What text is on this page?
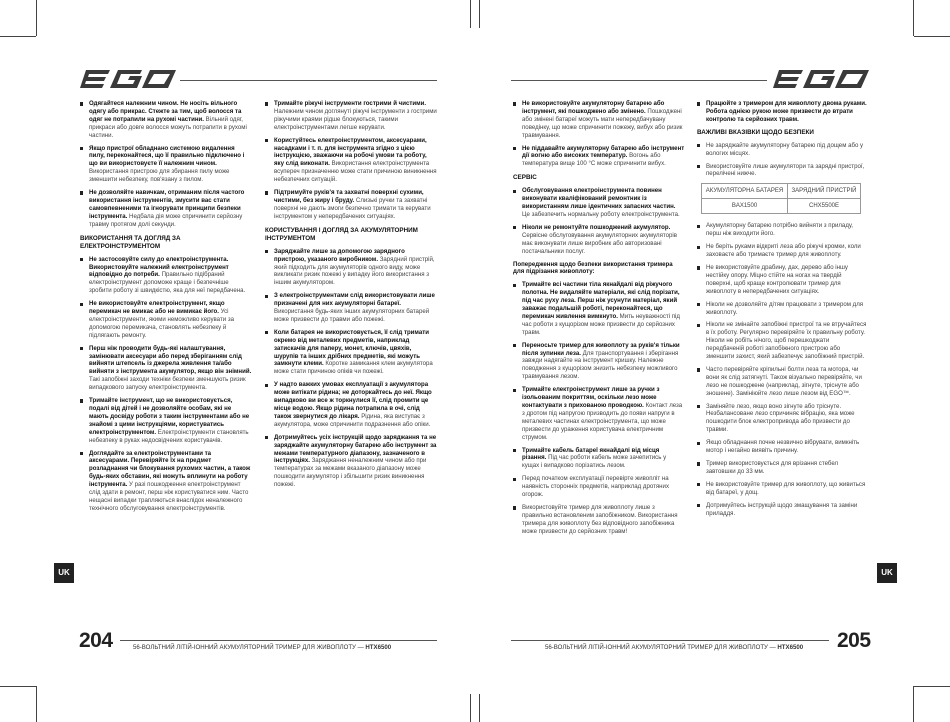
Одягайтеся належним чином. Не носіть вільного одягу або прикрас. Стежте за тим, щоб волосся та одяг не потрапили на рухомі частини. Вільний одяг, прикраси або довге волосся можуть потрапити в рухомі частини.
Якщо пристрої обладнано системою видалення пилу, переконайтеся, що її правильно підключено і що ви використовуєте її належним чином. Використання пристрою для збирання пилу може зменшити небезпеку, пов'язану з пилом.
Не дозволяйте навичкам, отриманим після частого використання інструментів, змусити вас стати самовпевненими та ігнорувати принципи безпеки інструмента. Недбала дія може спричинити серйозну травму протягом долі секунди.
ВИКОРИСТАННЯ ТА ДОГЛЯД ЗА ЕЛЕКТРОІНСТРУМЕНТОМ
Не застосовуйте силу до електроінструмента. Використовуйте належний електроінструмент відповідно до потреби. Правильно підібраний електроінструмент допоможе краще і безпечніше зробити роботу зі швидкістю, яка для неї передбачена.
Не використовуйте електроінструмент, якщо перемикач не вмикає або не вимикає його. Усі електроінструменти, якими неможливо керувати за допомогою перемикача, становлять небезпеку й підлягають ремонту.
Перш ніж проводити будь-які налаштування, замінювати аксесуари або перед зберіганням слід вийняти штепсель із джерела живлення та/або вийняти з інструмента акумулятор, якщо він знімний. Такі запобіжні заходи техніки безпеки зменшують ризик випадкового запуску електроінструмента.
Тримайте інструмент, що не використовується, подалі від дітей і не дозволяйте особам, які не мають досвіду роботи з таким інструментами або не знайомі з цими інструкціями, користуватись електроінструментом. Електроінструменти становлять небезпеку в руках недосвідчених користувачів.
Доглядайте за електроінструментами та аксесуарами. Перевіряйте їх на предмет розладнання чи блокування рухомих частин, а також будь-яких обставин, які можуть вплинути на роботу інструмента. У разі пошкодження електроінструмент слід здати в ремонт, перш ніж користуватися ним. Часто нещасні випадки трапляються внаслідок неналежного технічного обслуговування електроінструментів.
Тримайте ріжучі інструменти гострими й чистими. Належним чином доглянуті ріжучі інструменти з гострими ріжучими краями рідше блокуються, такими електроінструментами легше керувати.
Користуйтесь електроінструментом, аксесуарами, насадками і т. п. для інструмента згідно з цією інструкцією, зважаючи на робочі умови та роботу, яку слід виконати. Використання електроінструмента всупереч призначенню може стати причиною виникнення небезпечних ситуацій.
Підтримуйте руків'я та захватні поверхні сухими, чистими, без жиру і бруду. Слизькі ручки та захватні поверхні не дають змоги безпечно тримати та керувати інструментом у непередбачених ситуаціях.
КОРИСТУВАННЯ І ДОГЛЯД ЗА АКУМУЛЯТОРНИМ ІНСТРУМЕНТОМ
Заряджайте лише за допомогою зарядного пристрою, указаного виробником. Зарядний пристрій, який підходить для акумуляторів одного виду, може викликати ризик пожежі у випадку його використання з іншим акумулятором.
З електроінструментами слід використовувати лише призначені для них акумуляторні батареї. Використання будь-яких інших акумуляторних батарей може призвести до травми або пожежі.
Коли батарея не використовується, її слід тримати окремо від металевих предметів, наприклад затискачів для паперу, монет, ключів, цвяхів, шурупів та інших дрібних предметів, які можуть замкнути клеми. Коротке замикання клем акумулятора може стати причиною опіків чи пожежі.
У надто важких умовах експлуатації з акумулятора може витікати рідина; не доторкайтесь до неї. Якщо випадково ви все ж торкнулися її, слід промити це місце водою. Якщо рідина потрапила в очі, слід також звернутися до лікаря. Рідина, яка виступає з акумулятора, може спричинити подразнення або опіки.
Дотримуйтесь усіх інструкцій щодо заряджання та не заряджайте акумуляторну батарею або інструмент за межами температурного діапазону, зазначеного в інструкціях. Заряджання неналежним чином або при температурах за межами вказаного діапазону може пошкодити акумулятор і збільшити ризик виникнення пожежі.
UK
204	56-ВОЛЬТНИЙ ЛІТІЙ-ІОННИЙ АКУМУЛЯТОРНИЙ ТРИМЕР ДЛЯ ЖИВОПЛОТУ — HTX6500
Не використовуйте акумуляторну батарею або інструмент, які пошкоджено або змінено. Пошкоджені або змінені батареї можуть мати непередбачувану поведінку, що може спричинити пожежу, вибух або ризик травмування.
Не піддавайте акумуляторну батарею або інструмент дії вогню або високих температур. Вогонь або температура вище 100 °C може спричинити вибух.
СЕРВІС
Обслуговування електроінструмента повинен виконувати кваліфікований ремонтник із використанням лише ідентичних запасних частин. Це забезпечить нормальну роботу електроінструмента.
Ніколи не ремонтуйте пошкоджений акумулятор. Сервісне обслуговування акумуляторних акумуляторів має виконувати лише виробник або авторизовані постачальники послуг.
Попередження щодо безпеки використання тримера для підрізання живоплоту:
Тримайте всі частини тіла якнайдалі від ріжучого полотна. Не видаляйте матеріали, які слід порізати, під час руху леза. Перш ніж усунути матеріал, який заважає подальшій роботі, переконайтеся, що перемикач живлення вимкнуто. Мить неуважності під час роботи з кущорізом може призвести до серйозних травм.
Переносьте тример для живоплоту за руків'я тільки після зупинки леза. Для транспортування і зберігання завжди надягайте на інструмент кришку. Належне поводження з кущорізом знизить небезпеку можливого травмування лезом.
Тримайте електроінструмент лише за ручки з ізольованим покриттям, оскільки лезо може контактувати з прихованою проводкою. Контакт леза з дротом під напругою призводить до появи напруги в металевих частинах електроінструмента, що може призвести до ураження користувача електричним струмом.
Тримайте кабель батареї якнайдалі від місця різання. Під час роботи кабель може зачепитись у кущах і випадково порізатись лезом.
Перед початком експлуатації перевірте живопліт на наявність сторонніх предметів, наприклад дротяних огорож.
Використовуйте тример для живоплоту лише з правильно встановленим запобіжником. Використання тримера для живоплоту без відповідного запобіжника може призвести до серйозних травм!
Працюйте з тримером для живоплоту двома руками. Робота однією рукою може призвести до втрати контролю та серйозних травм.
ВАЖЛИВІ ВКАЗІВКИ ЩОДО БЕЗПЕКИ
Не заряджайте акумуляторну батарею під дощем або у вологих місцях.
Використовуйте лише акумулятори та зарядні пристрої, перелічені нижче.
АКУМУЛЯТОРНА БАТАРЕЯ	ЗАРЯДНИЙ ПРИСТРІЙ
BAX1500	CHX5500E
Акумуляторну батарею потрібно вийняти з приладу, перш ніж виходити його.
Не беріть руками відкриті леза або ріжучі кромки, коли заховаєте або тримаєте тример для живоплоту.
Не використовуйте драбину, дах, дерево або іншу нестійку опору. Міцно стійте на ногах на твердій поверхні, щоб краще контролювати тример для живоплоту в непередбачених ситуаціях.
Ніколи не дозволяйте дітям працювати з тримером для живоплоту.
Ніколи не змінайте запобіжні пристрої та не втручайтеся в їх роботу. Регулярно перевіряйте їх правильну роботу. Ніколи не робіть нічого, щоб перешкоджати передбаченій роботі запобіжного пристрою або зменшити захист, який забезпечує запобіжний пристрій.
Часто перевіряйте кріпильні болти леза та мотора, чи вони як слід затягнуті. Також візуально перевіряйте, чи лезо не пошкоджене (наприклад, зігнуте, тріснуте або зношене). Замініюйте лезо лише лезом від EGO™.
Заміняйте лезо, якщо воно зігнуте або тріснуте. Незбалансоване лезо спричиняє вібрацію, яка може пошкодити блок електропривода або призвести до травми.
Якщо обладнання почне незвично вібрувати, вимкніть мотор і негайно виявіть причину.
Тример використовується для врізання стебел завтовшки до 33 мм.
Не використовуйте тример для живоплоту, що живиться від батареї, у дощ.
Дотримуйтесь інструкцій щодо змащування та заміни приладдя.
UK
205
56-ВОЛЬТНИЙ ЛІТІЙ-ІОННИЙ АКУМУЛЯТОРНИЙ ТРИМЕР ДЛЯ ЖИВОПЛОТУ — HTX6500
